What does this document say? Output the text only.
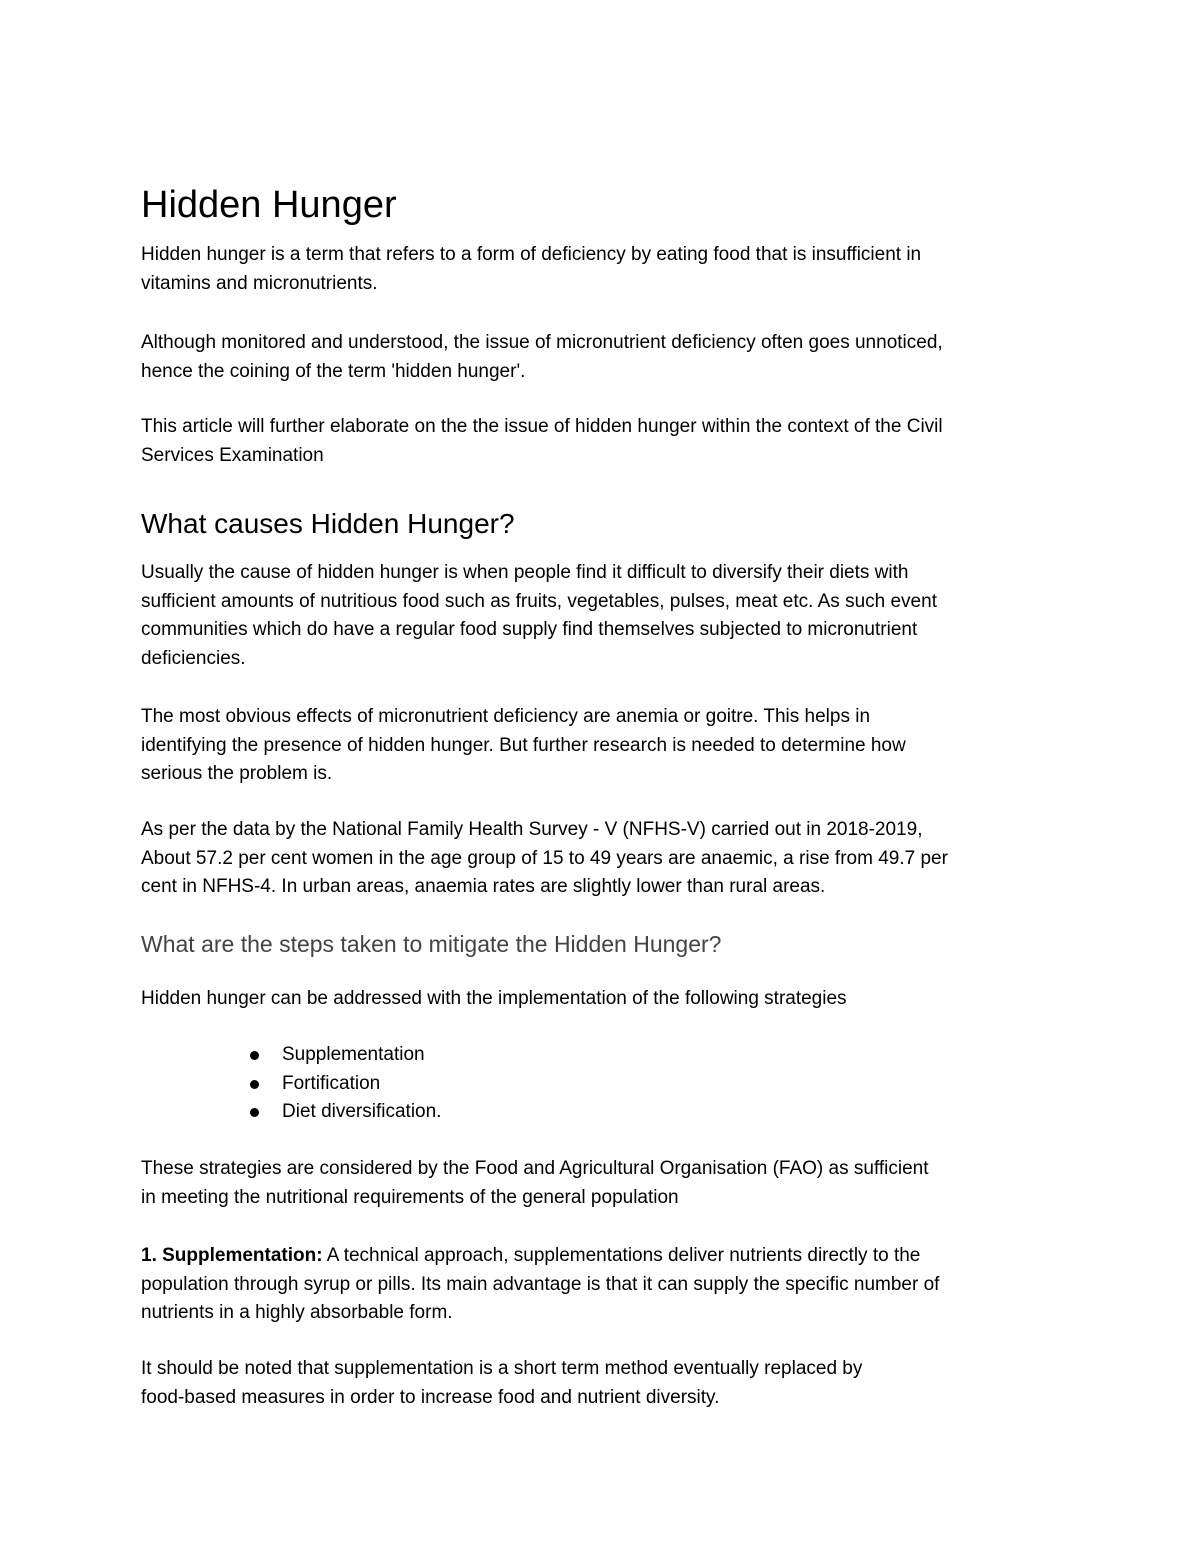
Hidden Hunger

Hidden hunger is a term that refers to a form of deficiency by eating food that is insufficient in
vitamins and micronutrients.

Although monitored and understood, the issue of micronutrient deficiency often goes unnoticed,
hence the coining of the term 'hidden hunger'.

This article will further elaborate on the the issue of hidden hunger within the context of the Civil
Services Examination

What causes Hidden Hunger?

Usually the cause of hidden hunger is when people find it difficult to diversify their diets with
sufficient amounts of nutritious food such as fruits, vegetables, pulses, meat etc. As such event
communities which do have a regular food supply find themselves subjected to micronutrient
deficiencies.

The most obvious effects of micronutrient deficiency are anemia or goitre. This helps in
identifying the presence of hidden hunger. But further research is needed to determine how
serious the problem is.

As per the data by the National Family Health Survey - V (NFHS-V) carried out in 2018-2019,
About 57.2 per cent women in the age group of 15 to 49 years are anaemic, a rise from 49.7 per
cent in NFHS-4. In urban areas, anaemia rates are slightly lower than rural areas.

What are the steps taken to mitigate the Hidden Hunger?

Hidden hunger can be addressed with the implementation of the following strategies

Supplementation
Fortification
Diet diversification.

These strategies are considered by the Food and Agricultural Organisation (FAO) as sufficient
in meeting the nutritional requirements of the general population

1. Supplementation: A technical approach, supplementations deliver nutrients directly to the
population through syrup or pills. Its main advantage is that it can supply the specific number of
nutrients in a highly absorbable form.

It should be noted that supplementation is a short term method eventually replaced by
food-based measures in order to increase food and nutrient diversity.
